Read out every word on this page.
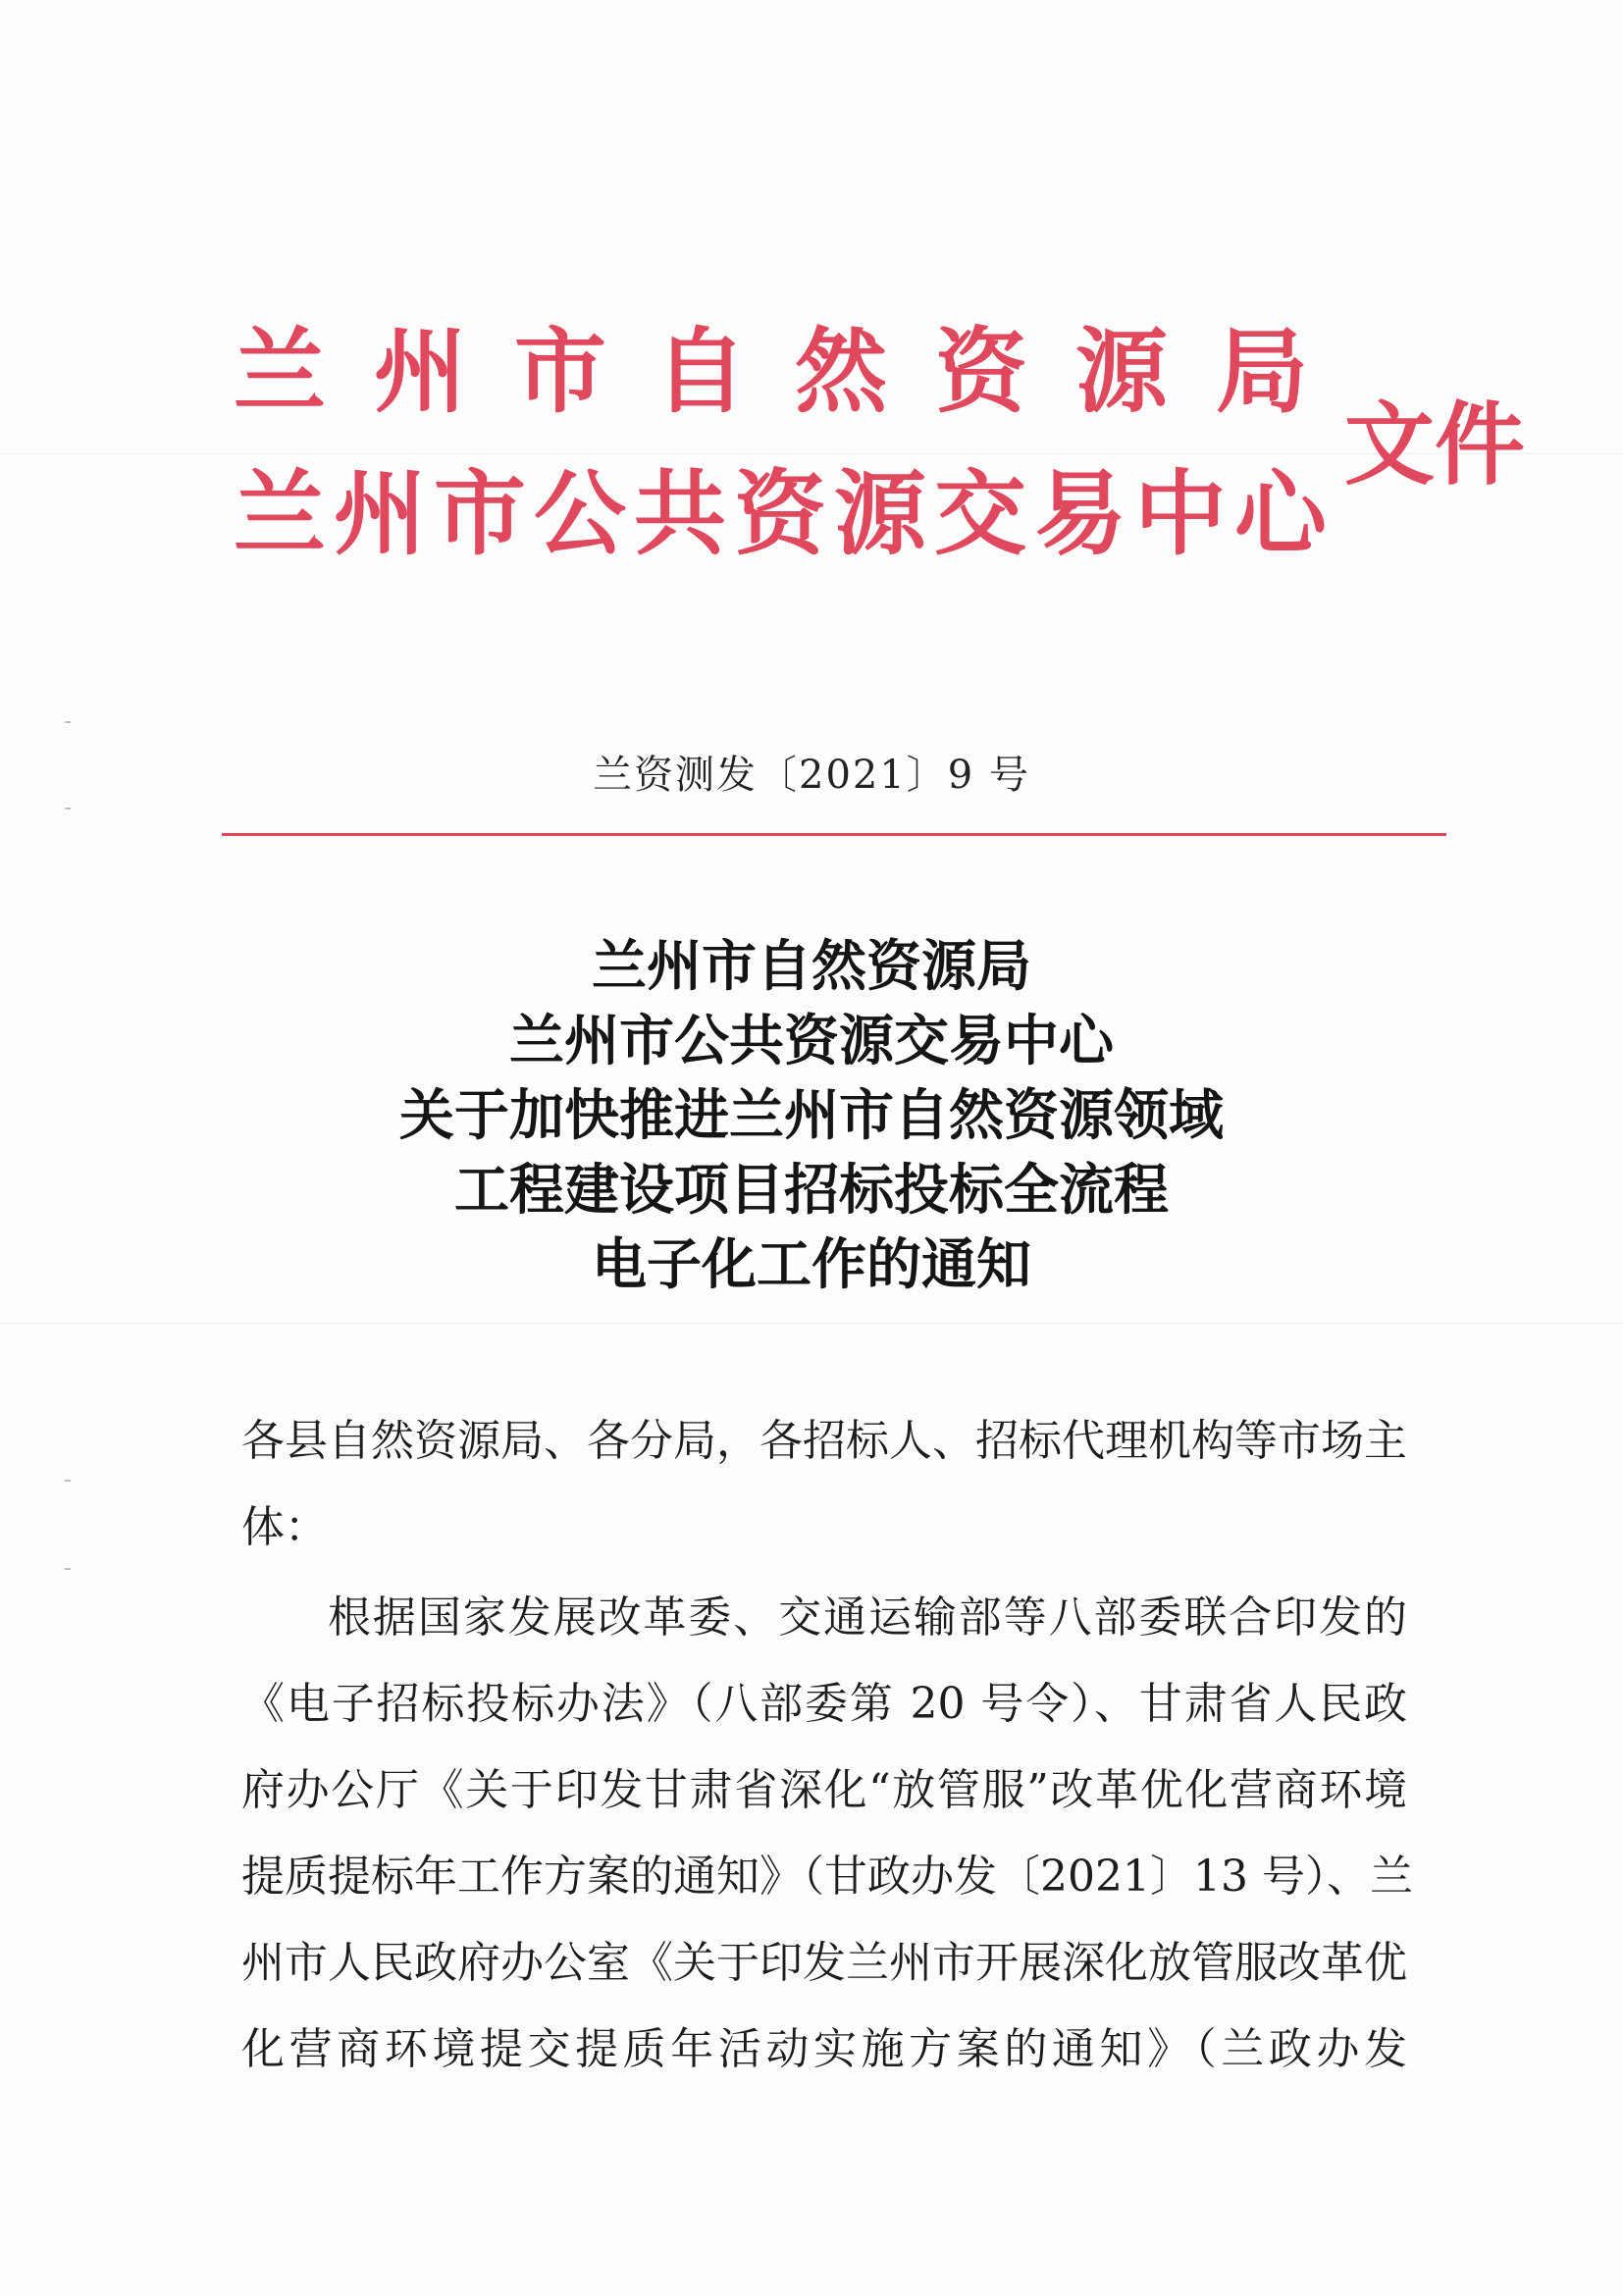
兰州市自然资源局
兰州市公共资源交易中心
文件
兰资测发〔2021〕9 号
兰州市自然资源局
兰州市公共资源交易中心
关于加快推进兰州市自然资源领域
工程建设项目招标投标全流程
电子化工作的通知
各县自然资源局、各分局，各招标人、招标代理机构等市场主
体：
根据国家发展改革委、交通运输部等八部委联合印发的
《电子招标投标办法》（八部委第 20 号令）、甘肃省人民政
府办公厅《关于印发甘肃省深化“放管服”改革优化营商环境
提质提标年工作方案的通知》（甘政办发〔2021〕13 号）、兰
州市人民政府办公室《关于印发兰州市开展深化放管服改革优
化营商环境提交提质年活动实施方案的通知》（兰政办发
